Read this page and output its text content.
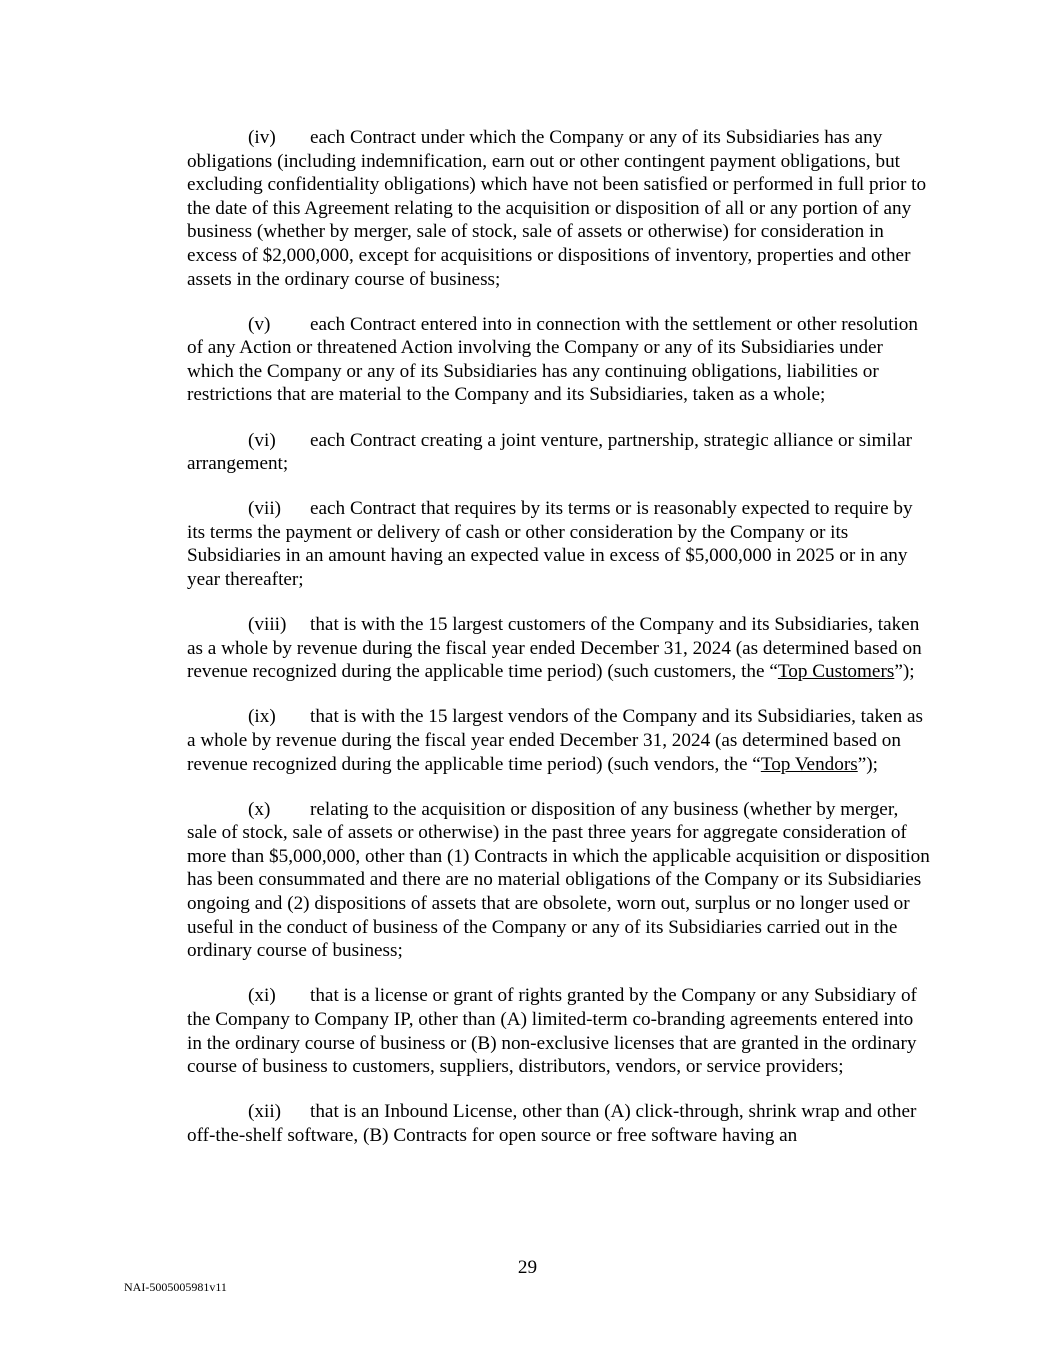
(iv) each Contract under which the Company or any of its Subsidiaries has any obligations (including indemnification, earn out or other contingent payment obligations, but excluding confidentiality obligations) which have not been satisfied or performed in full prior to the date of this Agreement relating to the acquisition or disposition of all or any portion of any business (whether by merger, sale of stock, sale of assets or otherwise) for consideration in excess of $2,000,000, except for acquisitions or dispositions of inventory, properties and other assets in the ordinary course of business;

(v) each Contract entered into in connection with the settlement or other resolution of any Action or threatened Action involving the Company or any of its Subsidiaries under which the Company or any of its Subsidiaries has any continuing obligations, liabilities or restrictions that are material to the Company and its Subsidiaries, taken as a whole;

(vi) each Contract creating a joint venture, partnership, strategic alliance or similar arrangement;

(vii) each Contract that requires by its terms or is reasonably expected to require by its terms the payment or delivery of cash or other consideration by the Company or its Subsidiaries in an amount having an expected value in excess of $5,000,000 in 2025 or in any year thereafter;

(viii) that is with the 15 largest customers of the Company and its Subsidiaries, taken as a whole by revenue during the fiscal year ended December 31, 2024 (as determined based on revenue recognized during the applicable time period) (such customers, the “Top Customers”);

(ix) that is with the 15 largest vendors of the Company and its Subsidiaries, taken as a whole by revenue during the fiscal year ended December 31, 2024 (as determined based on revenue recognized during the applicable time period) (such vendors, the “Top Vendors”);

(x) relating to the acquisition or disposition of any business (whether by merger, sale of stock, sale of assets or otherwise) in the past three years for aggregate consideration of more than $5,000,000, other than (1) Contracts in which the applicable acquisition or disposition has been consummated and there are no material obligations of the Company or its Subsidiaries ongoing and (2) dispositions of assets that are obsolete, worn out, surplus or no longer used or useful in the conduct of business of the Company or any of its Subsidiaries carried out in the ordinary course of business;

(xi) that is a license or grant of rights granted by the Company or any Subsidiary of the Company to Company IP, other than (A) limited-term co-branding agreements entered into in the ordinary course of business or (B) non-exclusive licenses that are granted in the ordinary course of business to customers, suppliers, distributors, vendors, or service providers;

(xii) that is an Inbound License, other than (A) click-through, shrink wrap and other off-the-shelf software, (B) Contracts for open source or free software having an

29
NAI-5005005981v11
